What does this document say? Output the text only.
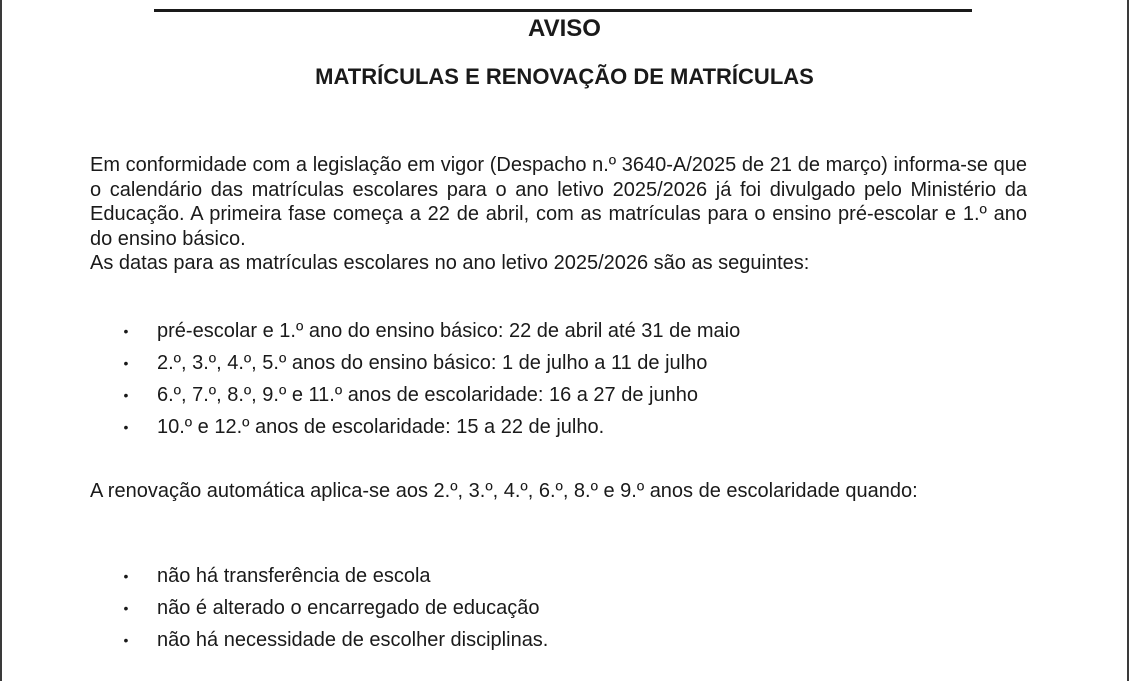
AVISO
MATRÍCULAS E RENOVAÇÃO DE MATRÍCULAS
Em conformidade com a legislação em vigor (Despacho n.º 3640-A/2025 de 21 de março) informa-se que o calendário das matrículas escolares para o ano letivo 2025/2026 já foi divulgado pelo Ministério da Educação. A primeira fase começa a 22 de abril, com as matrículas para o ensino pré-escolar e 1.º ano do ensino básico.
As datas para as matrículas escolares no ano letivo 2025/2026 são as seguintes:
• pré-escolar e 1.º ano do ensino básico: 22 de abril até 31 de maio
• 2.º, 3.º, 4.º, 5.º anos do ensino básico: 1 de julho a 11 de julho
• 6.º, 7.º, 8.º, 9.º e 11.º anos de escolaridade: 16 a 27 de junho
• 10.º e 12.º anos de escolaridade: 15 a 22 de julho.
A renovação automática aplica-se aos 2.º, 3.º, 4.º, 6.º, 8.º e 9.º anos de escolaridade quando:
• não há transferência de escola
• não é alterado o encarregado de educação
• não há necessidade de escolher disciplinas.
